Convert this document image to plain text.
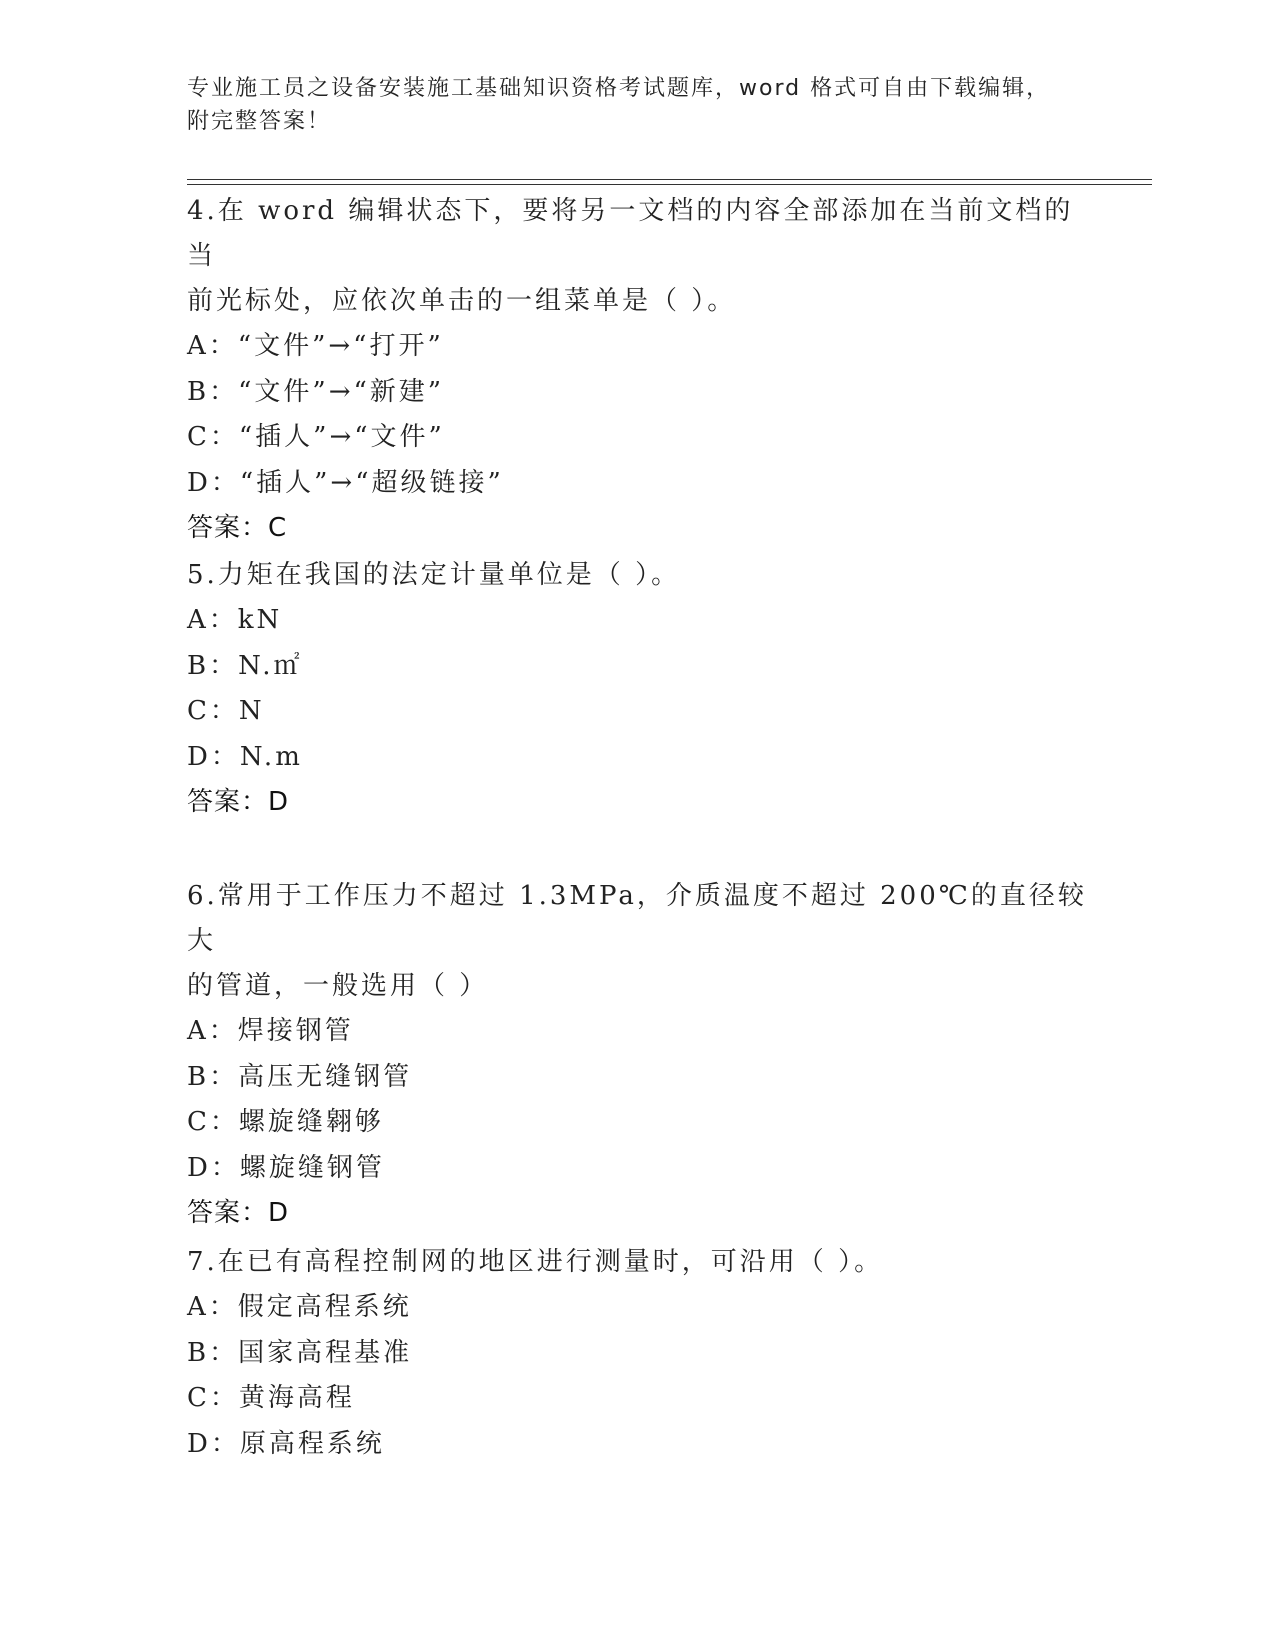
专业施工员之设备安装施工基础知识资格考试题库，word 格式可自由下载编辑，
附完整答案！
4.在 word 编辑状态下，要将另一文档的内容全部添加在当前文档的当
前光标处，应依次单击的一组菜单是（ ）。
A：“文件”→“打开”
B：“文件”→“新建”
C：“插人”→“文件”
D：“插人”→“超级链接”
答案：C
5.力矩在我国的法定计量单位是（ ）。
A：kN
B：N.㎡
C：N
D：N.m
答案：D
6.常用于工作压力不超过 1.3MPa，介质温度不超过 200℃的直径较大
的管道，一般选用（ ）
A：焊接钢管
B：高压无缝钢管
C：螺旋缝翱够
D：螺旋缝钢管
答案：D
7.在已有高程控制网的地区进行测量时，可沿用（ ）。
A：假定高程系统
B：国家高程基准
C：黄海高程
D：原高程系统
